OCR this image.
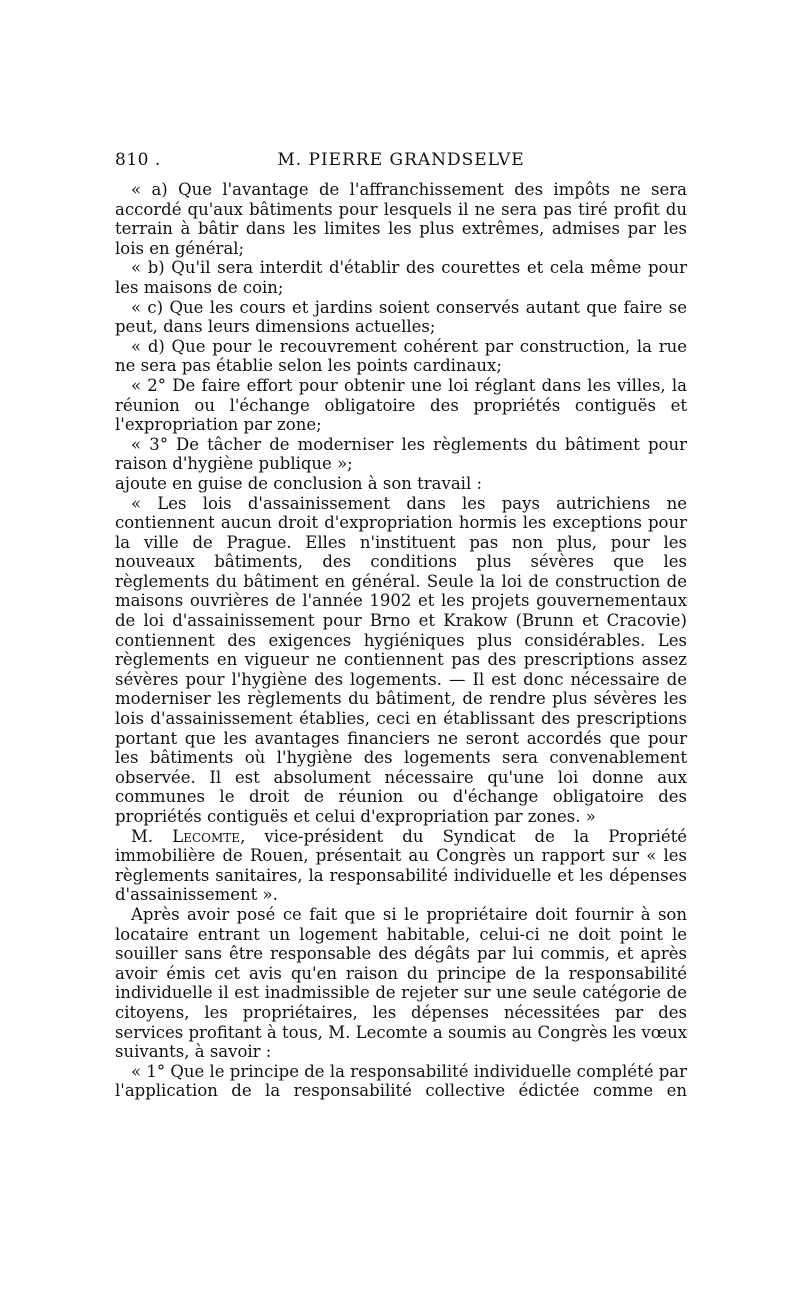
810 .	M. PIERRE GRANDSELVE

« a) Que l'avantage de l'affranchissement des impôts ne sera accordé qu'aux bâtiments pour lesquels il ne sera pas tiré profit du terrain à bâtir dans les limites les plus extrêmes, admises par les lois en général;

« b) Qu'il sera interdit d'établir des courettes et cela même pour les maisons de coin;

« c) Que les cours et jardins soient conservés autant que faire se peut, dans leurs dimensions actuelles;

« d) Que pour le recouvrement cohérent par construction, la rue ne sera pas établie selon les points cardinaux;

« 2° De faire effort pour obtenir une loi réglant dans les villes, la réunion ou l'échange obligatoire des propriétés contiguës et l'expropriation par zone;

« 3° De tâcher de moderniser les règlements du bâtiment pour raison d'hygiène publique »;

ajoute en guise de conclusion à son travail :

« Les lois d'assainissement dans les pays autrichiens ne contiennent aucun droit d'expropriation hormis les exceptions pour la ville de Prague. Elles n'instituent pas non plus, pour les nouveaux bâtiments, des conditions plus sévères que les règlements du bâtiment en général. Seule la loi de construction de maisons ouvrières de l'année 1902 et les projets gouvernementaux de loi d'assainissement pour Brno et Krakow (Brunn et Cracovie) contiennent des exigences hygiéniques plus considérables. Les règlements en vigueur ne contiennent pas des prescriptions assez sévères pour l'hygiène des logements. — Il est donc nécessaire de moderniser les règlements du bâtiment, de rendre plus sévères les lois d'assainissement établies, ceci en établissant des prescriptions portant que les avantages financiers ne seront accordés que pour les bâtiments où l'hygiène des logements sera convenablement observée. Il est absolument nécessaire qu'une loi donne aux communes le droit de réunion ou d'échange obligatoire des propriétés contiguës et celui d'expropriation par zones. »

M. Lecomte, vice-président du Syndicat de la Propriété immobilière de Rouen, présentait au Congrès un rapport sur « les règlements sanitaires, la responsabilité individuelle et les dépenses d'assainissement ».

Après avoir posé ce fait que si le propriétaire doit fournir à son locataire entrant un logement habitable, celui-ci ne doit point le souiller sans être responsable des dégâts par lui commis, et après avoir émis cet avis qu'en raison du principe de la responsabilité individuelle il est inadmissible de rejeter sur une seule catégorie de citoyens, les propriétaires, les dépenses nécessitées par des services profitant à tous, M. Lecomte a soumis au Congrès les vœux suivants, à savoir :

« 1° Que le principe de la responsabilité individuelle complété par l'application de la responsabilité collective édictée comme en
